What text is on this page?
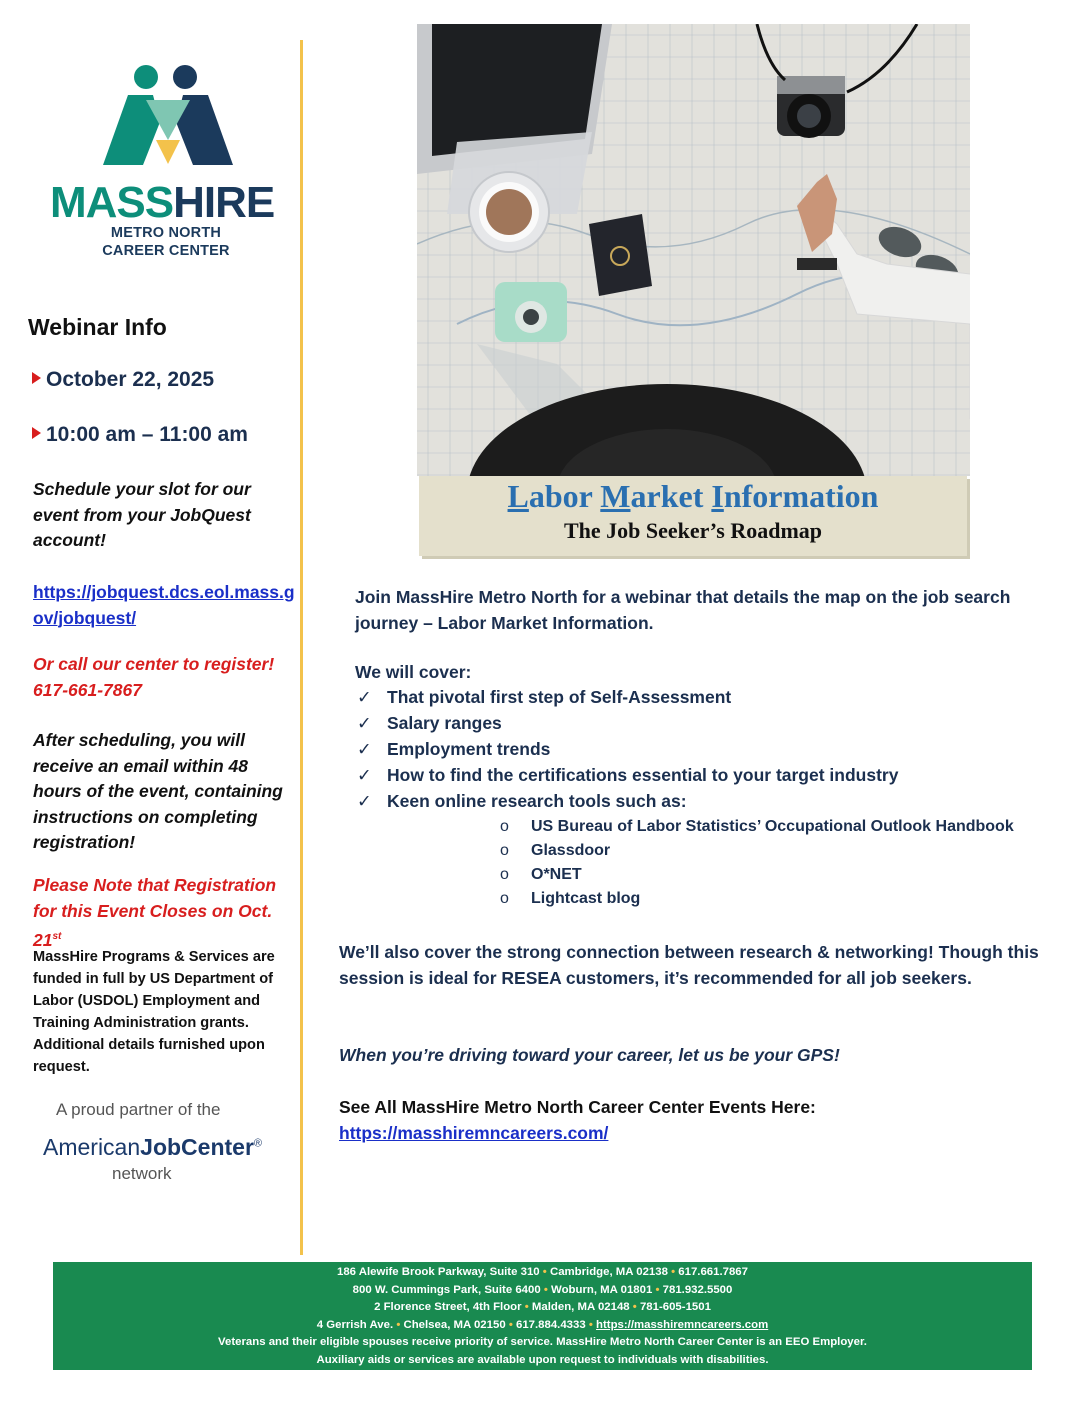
MASSHIRE
METRO NORTH
CAREER CENTER
Webinar Info
October 22, 2025
10:00 am – 11:00 am
Schedule your slot for our event from your JobQuest account!
https://jobquest.dcs.eol.mass.gov/jobquest/
Or call our center to register!
617-661-7867
After scheduling, you will receive an email within 48 hours of the event, containing instructions on completing registration!
Please Note that Registration for this Event Closes on Oct. 21st
MassHire Programs & Services are funded in full by US Department of Labor (USDOL) Employment and Training Administration grants. Additional details furnished upon request.
A proud partner of the
AmericanJobCenter®
network
Labor Market Information
The Job Seeker’s Roadmap
Join MassHire Metro North for a webinar that details the map on the job search journey – Labor Market Information.
We will cover:
✓ That pivotal first step of Self-Assessment
✓ Salary ranges
✓ Employment trends
✓ How to find the certifications essential to your target industry
✓ Keen online research tools such as:
o US Bureau of Labor Statistics’ Occupational Outlook Handbook
o Glassdoor
o O*NET
o Lightcast blog
We’ll also cover the strong connection between research & networking! Though this session is ideal for RESEA customers, it’s recommended for all job seekers.
When you’re driving toward your career, let us be your GPS!
See All MassHire Metro North Career Center Events Here:
https://masshiremncareers.com/
186 Alewife Brook Parkway, Suite 310 • Cambridge, MA 02138 • 617.661.7867
800 W. Cummings Park, Suite 6400 • Woburn, MA 01801 • 781.932.5500
2 Florence Street, 4th Floor • Malden, MA 02148 • 781-605-1501
4 Gerrish Ave. • Chelsea, MA 02150 • 617.884.4333 • https://masshiremncareers.com
Veterans and their eligible spouses receive priority of service. MassHire Metro North Career Center is an EEO Employer.
Auxiliary aids or services are available upon request to individuals with disabilities.
